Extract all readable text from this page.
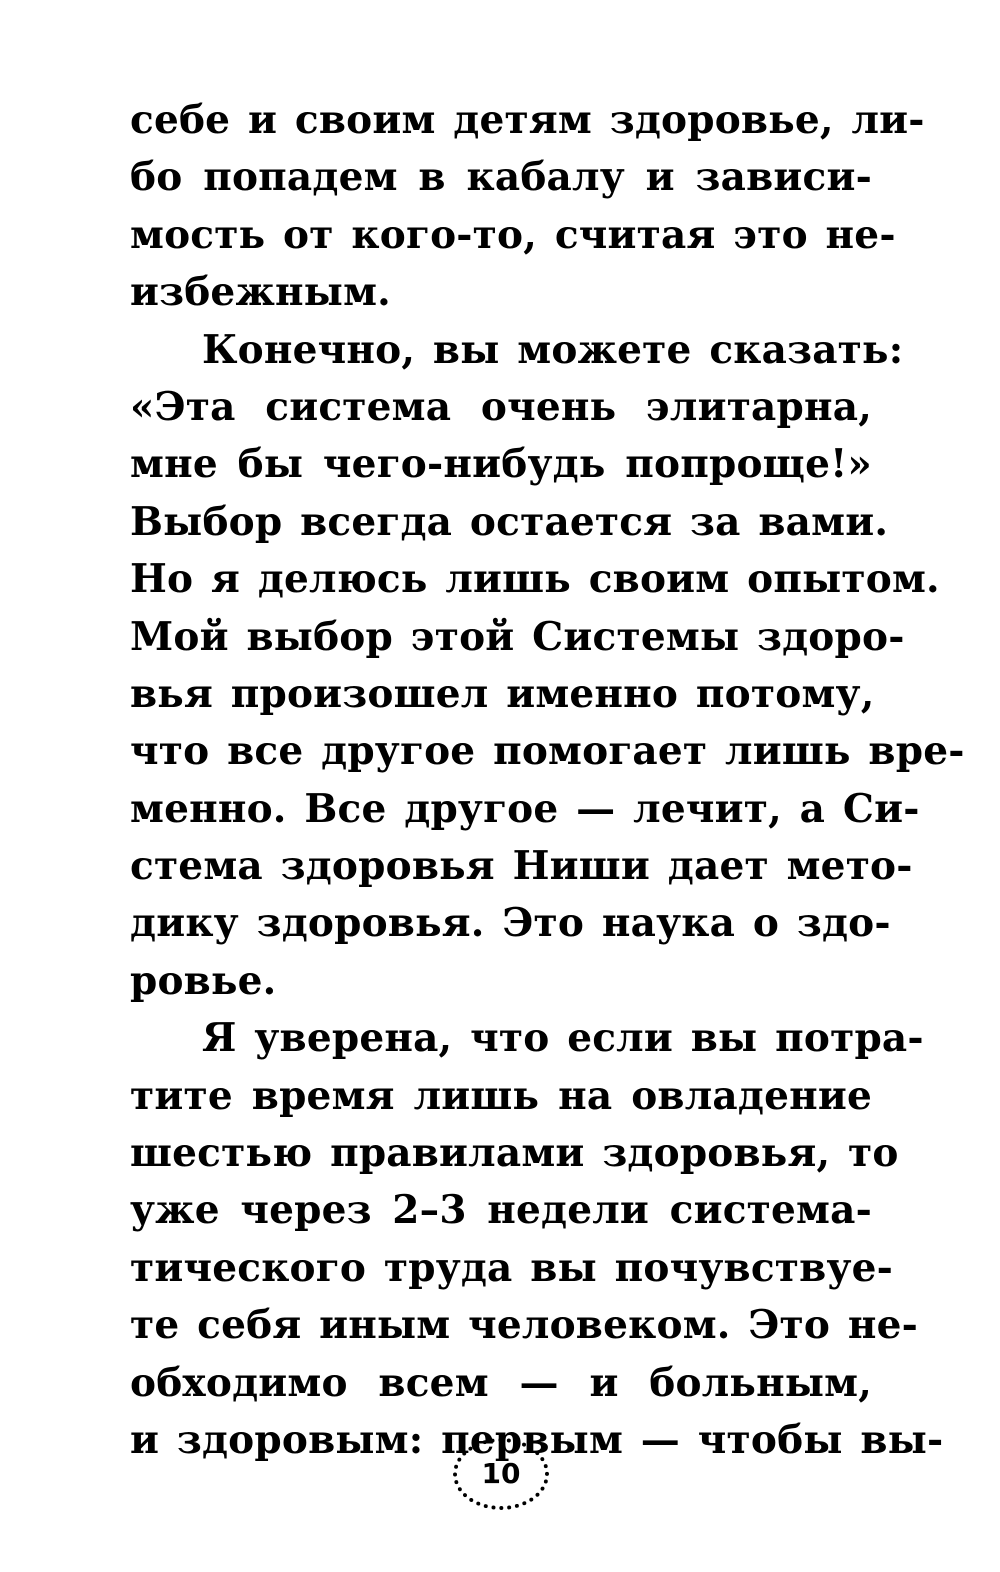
себе и своим детям здоровье, ли-
бо попадем в кабалу и зависи-
мость от кого-то, считая это не-
избежным.
Конечно, вы можете сказать:
«Эта система очень элитарна,
мне бы чего-нибудь попроще!»
Выбор всегда остается за вами.
Но я делюсь лишь своим опытом.
Мой выбор этой Системы здоро-
вья произошел именно потому,
что все другое помогает лишь вре-
менно. Все другое — лечит, а Си-
стема здоровья Ниши дает мето-
дику здоровья. Это наука о здо-
ровье.
Я уверена, что если вы потра-
тите время лишь на овладение
шестью правилами здоровья, то
уже через 2–3 недели система-
тического труда вы почувствуе-
те себя иным человеком. Это не-
обходимо всем — и больным,
и здоровым: первым — чтобы вы-
10
